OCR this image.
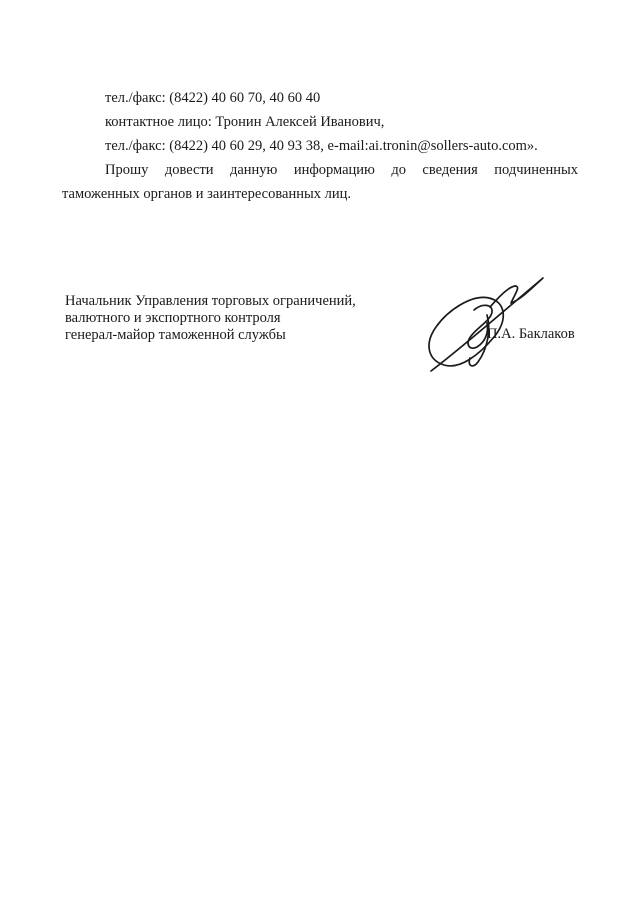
тел./факс: (8422) 40 60 70, 40 60 40
контактное лицо: Тронин Алексей Иванович,
тел./факс: (8422) 40 60 29, 40 93 38, e-mail:ai.tronin@sollers-auto.com».
Прошу довести данную информацию до сведения подчиненных
таможенных органов и заинтересованных лиц.
Начальник Управления торговых ограничений,
валютного и экспортного контроля
генерал-майор таможенной службы	П.А. Баклаков
